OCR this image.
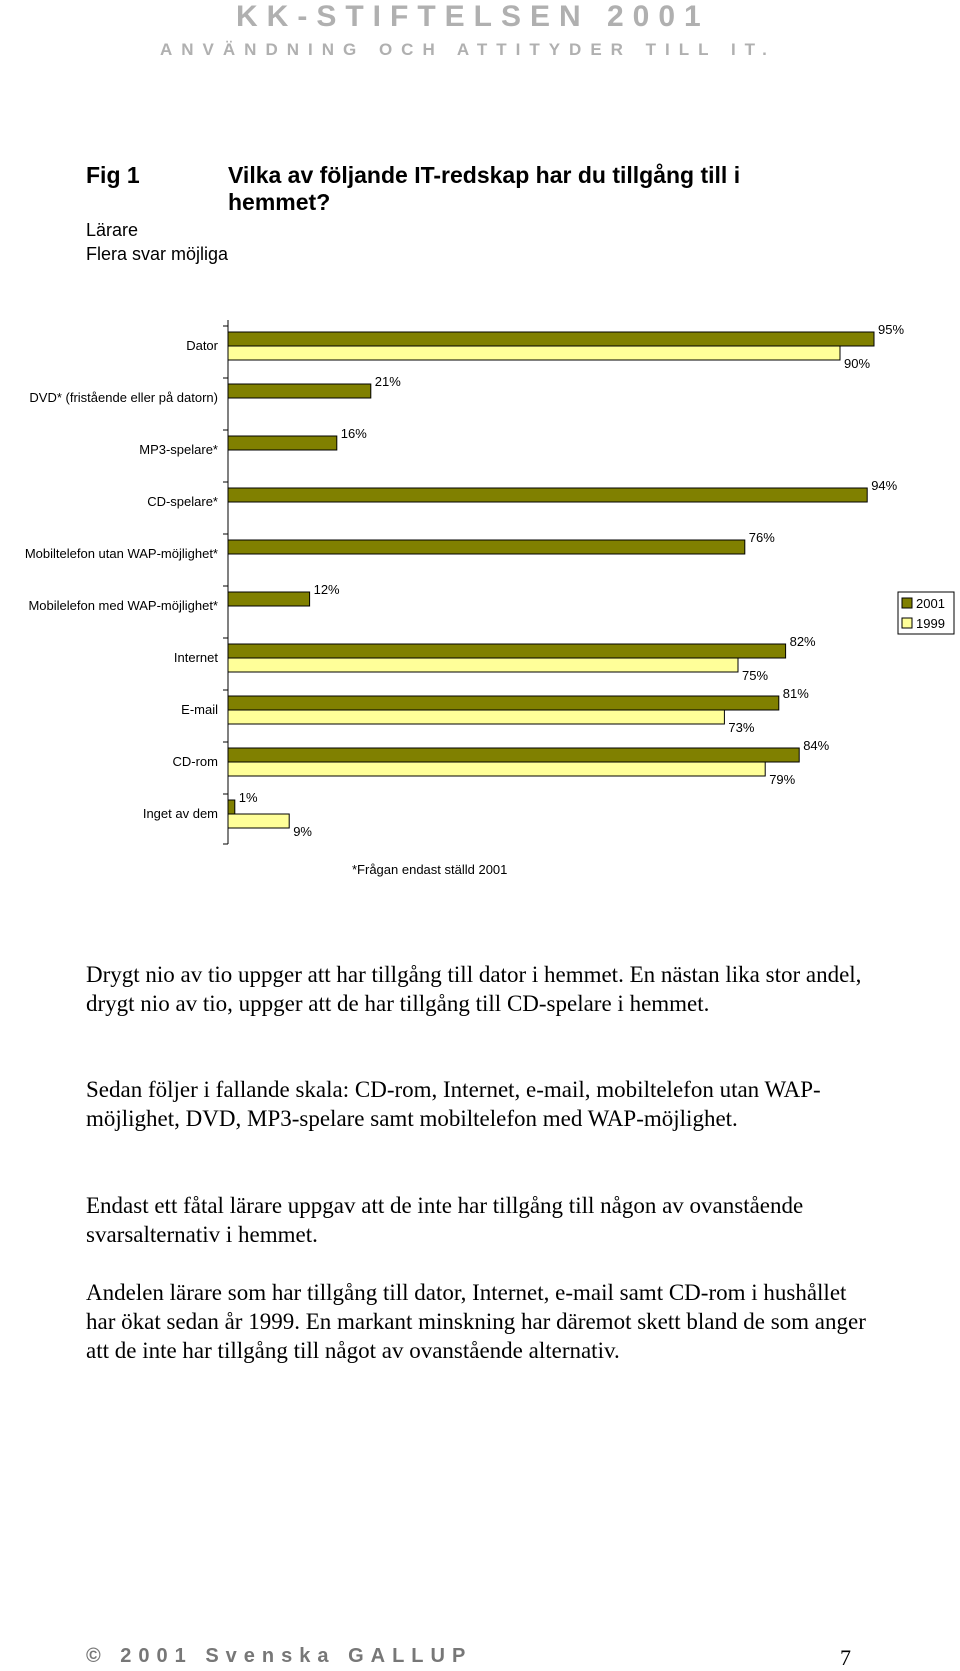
KK-STIFTELSEN 2001
ANVÄNDNING OCH ATTITYDER TILL IT.
Fig 1	Vilka av följande IT-redskap har du tillgång till i hemmet?
Lärare
Flera svar möjliga
Dator
95%
90%
DVD* (fristående eller på datorn)
21%
MP3-spelare*
16%
CD-spelare*
94%
Mobiltelefon utan WAP-möjlighet*
76%
Mobilelefon med WAP-möjlighet*
12%
Internet
82%
75%
E-mail
81%
73%
CD-rom
84%
79%
Inget av dem
1%
9%
2001
1999
*Frågan endast ställd 2001

Drygt nio av tio uppger att har tillgång till dator i hemmet. En nästan lika stor andel, drygt nio av tio, uppger att de har tillgång till CD-spelare i hemmet.

Sedan följer i fallande skala: CD-rom, Internet, e-mail, mobiltelefon utan WAP-möjlighet, DVD, MP3-spelare samt mobiltelefon med WAP-möjlighet.

Endast ett fåtal lärare uppgav att de inte har tillgång till någon av ovanstående svarsalternativ i hemmet.

Andelen lärare som har tillgång till dator, Internet, e-mail samt CD-rom i hushållet har ökat sedan år 1999. En markant minskning har däremot skett bland de som anger att de inte har tillgång till något av ovanstående alternativ.

© 2001 Svenska GALLUP	7
